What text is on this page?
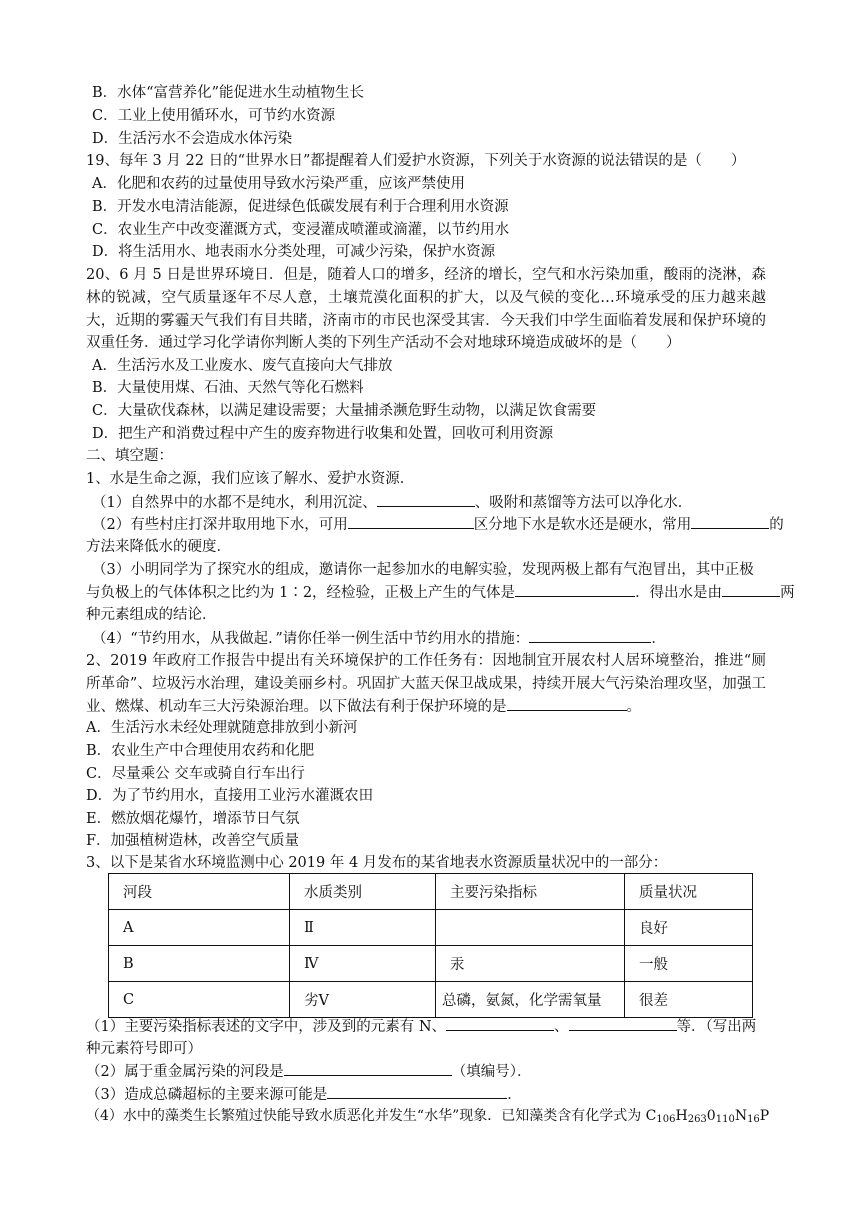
B．水体“富营养化”能促进水生动植物生长
C．工业上使用循环水，可节约水资源
D．生活污水不会造成水体污染
19、每年 3 月 22 日的“世界水日”都提醒着人们爱护水资源，下列关于水资源的说法错误的是（　　）
A．化肥和农药的过量使用导致水污染严重，应该严禁使用
B．开发水电清洁能源，促进绿色低碳发展有利于合理利用水资源
C．农业生产中改变灌溉方式，变浸灌成喷灌或滴灌，以节约用水
D．将生活用水、地表雨水分类处理，可减少污染，保护水资源
20、6 月 5 日是世界环境日．但是，随着人口的增多，经济的增长，空气和水污染加重，酸雨的浇淋，森林的锐减，空气质量逐年不尽人意，土壤荒漠化面积的扩大，以及气候的变化…环境承受的压力越来越大，近期的雾霾天气我们有目共睹，济南市的市民也深受其害．今天我们中学生面临着发展和保护环境的双重任务．通过学习化学请你判断人类的下列生产活动不会对地球环境造成破坏的是（　　）
A．生活污水及工业废水、废气直接向大气排放
B．大量使用煤、石油、天然气等化石燃料
C．大量砍伐森林，以满足建设需要；大量捕杀濒危野生动物，以满足饮食需要
D．把生产和消费过程中产生的废弃物进行收集和处置，回收可利用资源
二、填空题：
1、水是生命之源，我们应该了解水、爱护水资源．
（1）自然界中的水都不是纯水，利用沉淀、	、吸附和蒸馏等方法可以净化水．
（2）有些村庄打深井取用地下水，可用	区分地下水是软水还是硬水，常用	的
方法来降低水的硬度．
（3）小明同学为了探究水的组成，邀请你一起参加水的电解实验，发现两极上都有气泡冒出，其中正极
与负极上的气体体积之比约为 1∶2，经检验，正极上产生的气体是	．得出水是由	两
种元素组成的结论．
（4）“节约用水，从我做起．”请你任举一例生活中节约用水的措施：	．
2、2019 年政府工作报告中提出有关环境保护的工作任务有：因地制宜开展农村人居环境整治，推进“厕所革命”、垃圾污水治理，建设美丽乡村。巩固扩大蓝天保卫战成果，持续开展大气污染治理攻坚，加强工业、燃煤、机动车三大污染源治理。以下做法有利于保护环境的是	。
A．生活污水未经处理就随意排放到小新河
B．农业生产中合理使用农药和化肥
C．尽量乘公 交车或骑自行车出行
D．为了节约用水，直接用工业污水灌溉农田
E．燃放烟花爆竹，增添节日气氛
F．加强植树造林，改善空气质量
3、以下是某省水环境监测中心 2019 年 4 月发布的某省地表水资源质量状况中的一部分：
河段	水质类别	主要污染指标	质量状况
A	Ⅱ		良好
B	Ⅳ	汞	一般
C	劣Ⅴ	总磷，氨氮，化学需氧量	很差
（1）主要污染指标表述的文字中，涉及到的元素有 N、	、	等．（写出两
种元素符号即可）
（2）属于重金属污染的河段是	（填编号）．
（3）造成总磷超标的主要来源可能是	．
（4）水中的藻类生长繁殖过快能导致水质恶化并发生“水华”现象．已知藻类含有化学式为 $C_{106}H_{263}0_{110}N_{16}P$
